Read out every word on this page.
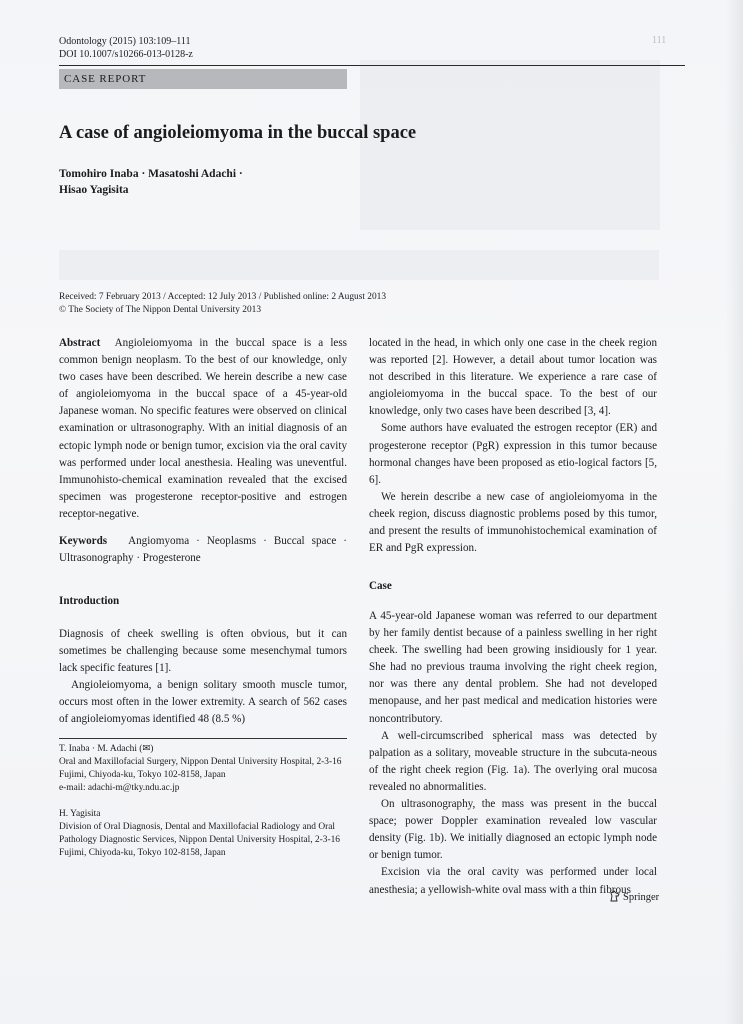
Odontology (2015) 103:109–111
DOI 10.1007/s10266-013-0128-z
111
CASE REPORT
A case of angioleiomyoma in the buccal space
Tomohiro Inaba · Masatoshi Adachi ·
Hisao Yagisita
Received: 7 February 2013 / Accepted: 12 July 2013 / Published online: 2 August 2013
© The Society of The Nippon Dental University 2013

Abstract Angioleiomyoma in the buccal space is a less common benign neoplasm. To the best of our knowledge, only two cases have been described. We herein describe a new case of angioleiomyoma in the buccal space of a 45-year-old Japanese woman. No specific features were observed on clinical examination or ultrasonography. With an initial diagnosis of an ectopic lymph node or benign tumor, excision via the oral cavity was performed under local anesthesia. Healing was uneventful. Immunohisto-chemical examination revealed that the excised specimen was progesterone receptor-positive and estrogen receptor-negative.

Keywords Angiomyoma · Neoplasms · Buccal space · Ultrasonography · Progesterone

Introduction

Diagnosis of cheek swelling is often obvious, but it can sometimes be challenging because some mesenchymal tumors lack specific features [1].

Angioleiomyoma, a benign solitary smooth muscle tumor, occurs most often in the lower extremity. A search of 562 cases of angioleiomyomas identified 48 (8.5 %)

T. Inaba · M. Adachi (✉)
Oral and Maxillofacial Surgery, Nippon Dental University Hospital, 2-3-16 Fujimi, Chiyoda-ku, Tokyo 102-8158, Japan
e-mail: adachi-m@tky.ndu.ac.jp
H. Yagisita
Division of Oral Diagnosis, Dental and Maxillofacial Radiology and Oral Pathology Diagnostic Services, Nippon Dental University Hospital, 2-3-16 Fujimi, Chiyoda-ku, Tokyo 102-8158, Japan

located in the head, in which only one case in the cheek region was reported [2]. However, a detail about tumor location was not described in this literature. We experience a rare case of angioleiomyoma in the buccal space. To the best of our knowledge, only two cases have been described [3, 4].

Some authors have evaluated the estrogen receptor (ER) and progesterone receptor (PgR) expression in this tumor because hormonal changes have been proposed as etio-logical factors [5, 6].

We herein describe a new case of angioleiomyoma in the cheek region, discuss diagnostic problems posed by this tumor, and present the results of immunohistochemical examination of ER and PgR expression.

Case

A 45-year-old Japanese woman was referred to our department by her family dentist because of a painless swelling in her right cheek. The swelling had been growing insidiously for 1 year. She had no previous trauma involving the right cheek region, nor was there any dental problem. She had not developed menopause, and her past medical and medication histories were noncontributory.

A well-circumscribed spherical mass was detected by palpation as a solitary, moveable structure in the subcuta-neous of the right cheek region (Fig. 1a). The overlying oral mucosa revealed no abnormalities.

On ultrasonography, the mass was present in the buccal space; power Doppler examination revealed low vascular density (Fig. 1b). We initially diagnosed an ectopic lymph node or benign tumor.

Excision via the oral cavity was performed under local anesthesia; a yellowish-white oval mass with a thin fibrous

Springer
